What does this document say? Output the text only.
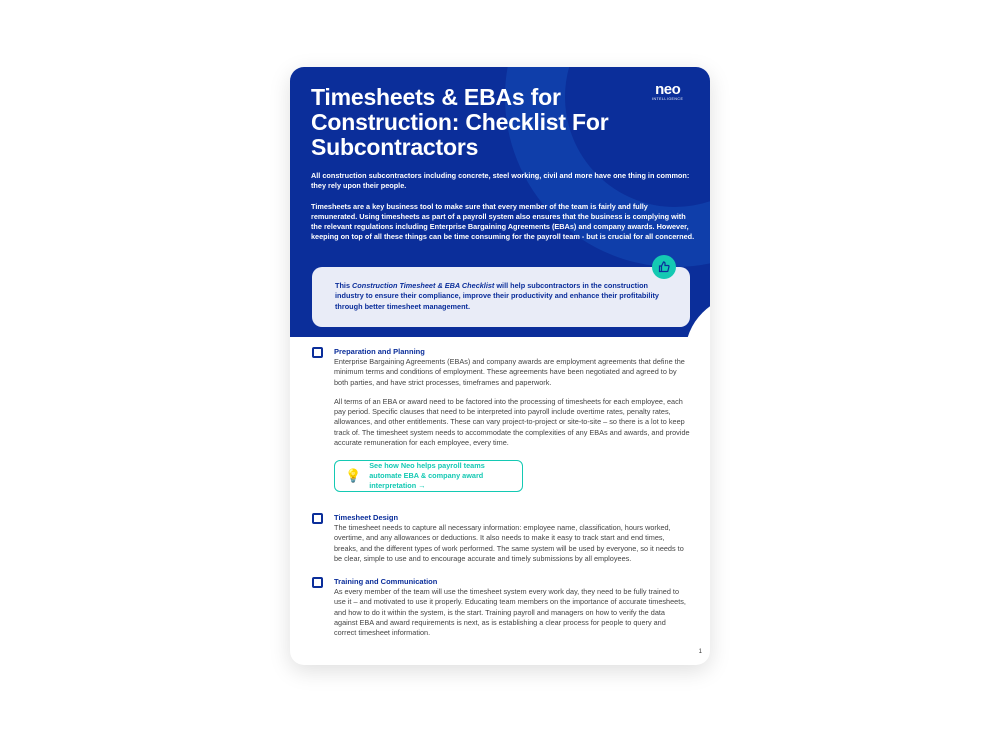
Timesheets & EBAs for Construction: Checklist For Subcontractors
neo
INTELLIGENCE

All construction subcontractors including concrete, steel working, civil and more have one thing in common: they rely upon their people.

Timesheets are a key business tool to make sure that every member of the team is fairly and fully remunerated. Using timesheets as part of a payroll system also ensures that the business is complying with the relevant regulations including Enterprise Bargaining Agreements (EBAs) and company awards. However, keeping on top of all these things can be time consuming for the payroll team - but is crucial for all concerned.

This Construction Timesheet & EBA Checklist will help subcontractors in the construction industry to ensure their compliance, improve their productivity and enhance their profitability through better timesheet management.
Preparation and Planning

Enterprise Bargaining Agreements (EBAs) and company awards are employment agreements that define the minimum terms and conditions of employment. These agreements have been negotiated and agreed to by both parties, and have strict processes, timeframes and paperwork.

All terms of an EBA or award need to be factored into the processing of timesheets for each employee, each pay period. Specific clauses that need to be interpreted into payroll include overtime rates, penalty rates, allowances, and other entitlements. These can vary project-to-project or site-to-site – so there is a lot to keep track of. The timesheet system needs to accommodate the complexities of any EBAs and awards, and provide accurate remuneration for each employee, every time.

💡
See how Neo helps payroll teams automate EBA & company award interpretation →
Timesheet Design

The timesheet needs to capture all necessary information: employee name, classification, hours worked, overtime, and any allowances or deductions. It also needs to make it easy to track start and end times, breaks, and the different types of work performed. The same system will be used by everyone, so it needs to be clear, simple to use and to encourage accurate and timely submissions by all employees.

Training and Communication

As every member of the team will use the timesheet system every work day, they need to be fully trained to use it – and motivated to use it properly. Educating team members on the importance of accurate timesheets, and how to do it within the system, is the start. Training payroll and managers on how to verify the data against EBA and award requirements is next, as is establishing a clear process for people to query and correct timesheet information.

1
